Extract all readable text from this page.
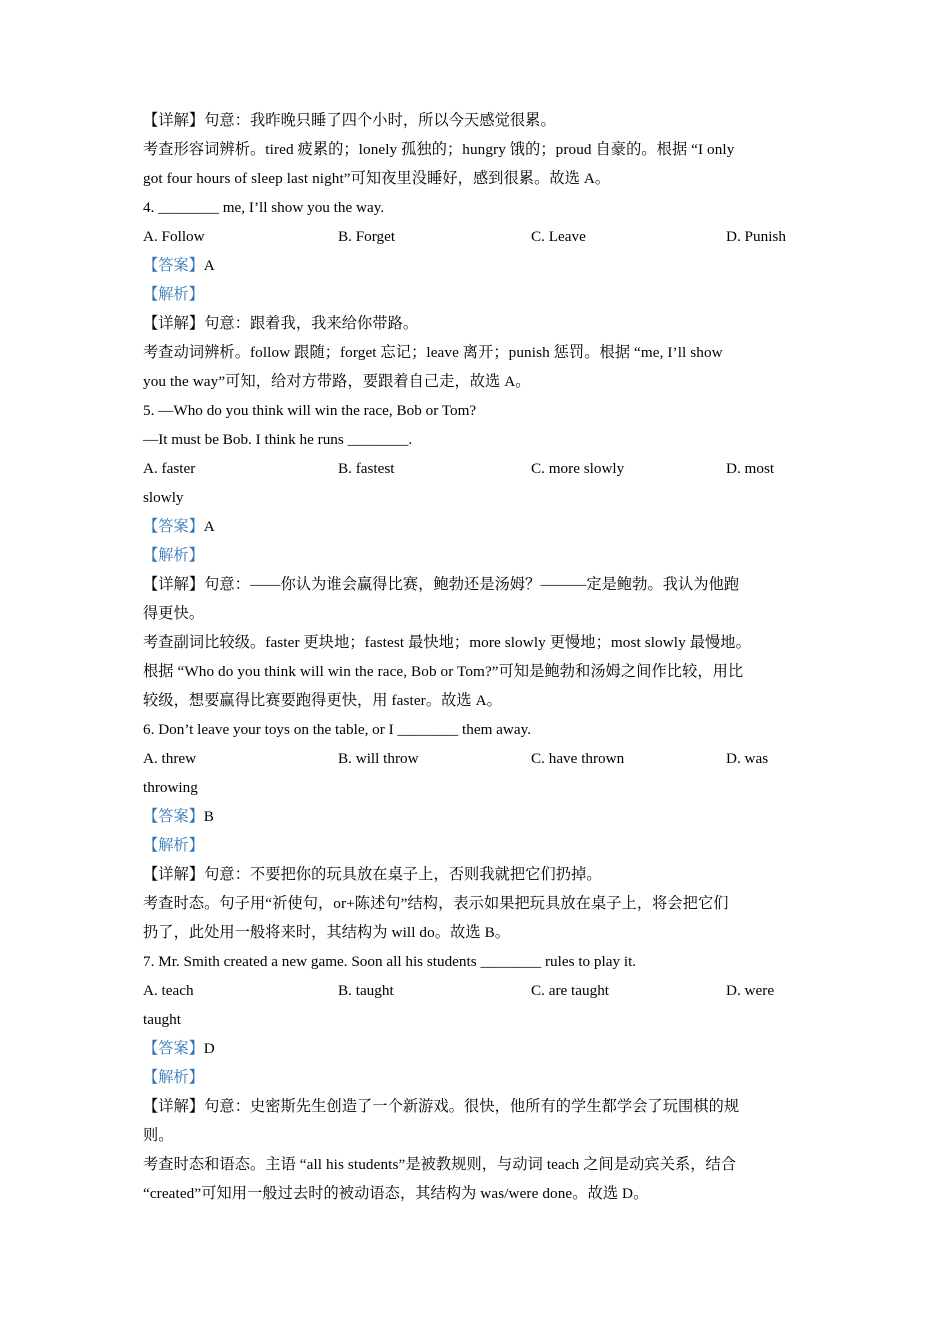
【详解】句意：我昨晚只睡了四个小时，所以今天感觉很累。
考查形容词辨析。tired 疲累的；lonely 孤独的；hungry 饿的；proud 自豪的。根据 “I only
got four hours of sleep last night”可知夜里没睡好，感到很累。故选 A。
4. ________ me, I’ll show you the way.
A. Follow	B. Forget	C. Leave	D. Punish
【答案】A
【解析】
【详解】句意：跟着我，我来给你带路。
考查动词辨析。follow 跟随；forget 忘记；leave 离开；punish 惩罚。根据 “me, I’ll show
you the way”可知，给对方带路，要跟着自己走，故选 A。
5. —Who do you think will win the race, Bob or Tom?
—It must be Bob. I think he runs ________.
A. faster	B. fastest	C. more slowly	D. most
slowly
【答案】A
【解析】
【详解】句意：——你认为谁会赢得比赛，鲍勃还是汤姆？———定是鲍勃。我认为他跑
得更快。
考查副词比较级。faster 更块地；fastest 最快地；more slowly 更慢地；most slowly 最慢地。
根据 “Who do you think will win the race, Bob or Tom?”可知是鲍勃和汤姆之间作比较，用比
较级，想要赢得比赛要跑得更快，用 faster。故选 A。
6. Don’t leave your toys on the table, or I ________ them away.
A. threw	B. will throw	C. have thrown	D. was
throwing
【答案】B
【解析】
【详解】句意：不要把你的玩具放在桌子上，否则我就把它们扔掉。
考查时态。句子用“祈使句，or+陈述句”结构，表示如果把玩具放在桌子上，将会把它们
扔了，此处用一般将来时，其结构为 will do。故选 B。
7. Mr. Smith created a new game. Soon all his students ________ rules to play it.
A. teach	B. taught	C. are taught	D. were
taught
【答案】D
【解析】
【详解】句意：史密斯先生创造了一个新游戏。很快，他所有的学生都学会了玩围棋的规
则。
考查时态和语态。主语 “all his students”是被教规则，与动词 teach 之间是动宾关系，结合
“created”可知用一般过去时的被动语态，其结构为 was/were done。故选 D。
